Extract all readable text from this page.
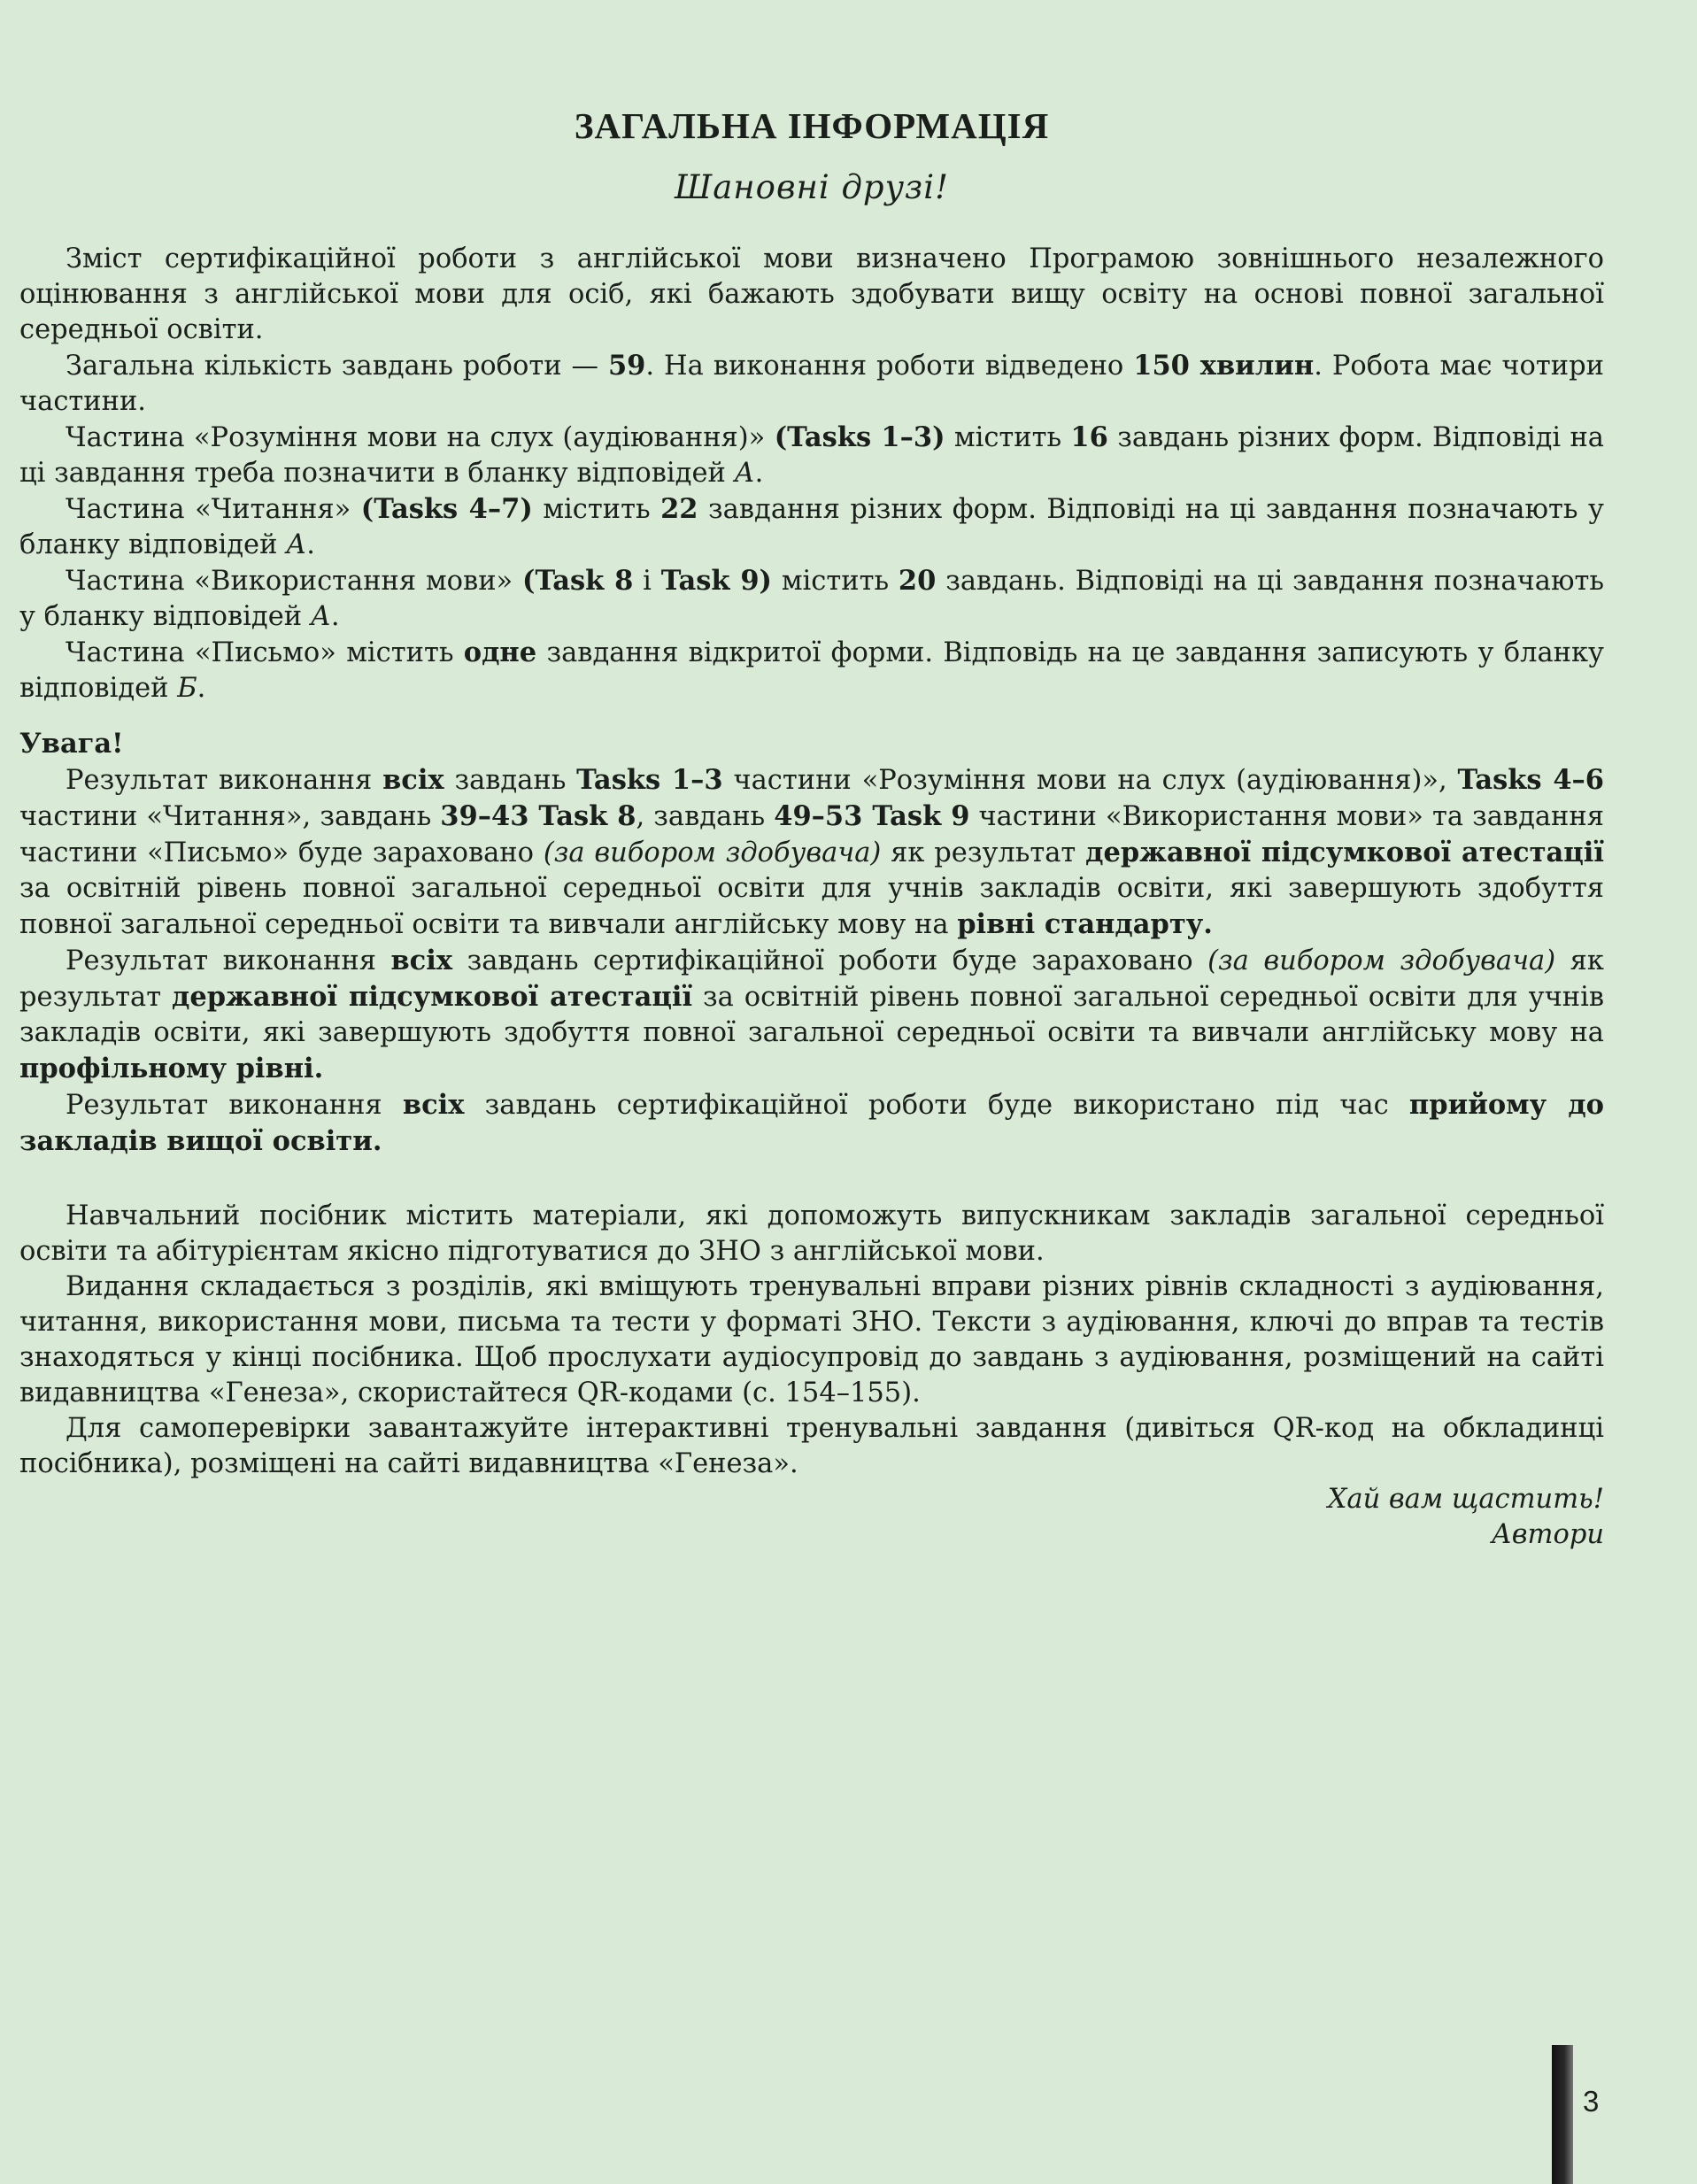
ЗАГАЛЬНА ІНФОРМАЦІЯ
Шановні друзі!

Зміст сертифікаційної роботи з англійської мови визначено Програмою зовнішнього незалежного оцінювання з англійської мови для осіб, які бажають здобувати вищу освіту на основі повної загальної середньої освіти.

Загальна кількість завдань роботи — 59. На виконання роботи відведено 150 хвилин. Робота має чотири частини.

Частина «Розуміння мови на слух (аудіювання)» (Tasks 1–3) містить 16 завдань різних форм. Відповіді на ці завдання треба позначити в бланку відповідей А.

Частина «Читання» (Tasks 4–7) містить 22 завдання різних форм. Відповіді на ці завдання позначають у бланку відповідей А.

Частина «Використання мови» (Task 8 і Task 9) містить 20 завдань. Відповіді на ці завдання позначають у бланку відповідей А.

Частина «Письмо» містить одне завдання відкритої форми. Відповідь на це завдання записують у бланку відповідей Б.

Увага!

Результат виконання всіх завдань Tasks 1–3 частини «Розуміння мови на слух (аудіювання)», Tasks 4–6 частини «Читання», завдань 39–43 Task 8, завдань 49–53 Task 9 частини «Використання мови» та завдання частини «Письмо» буде зараховано (за вибором здобувача) як результат державної підсумкової атестації за освітній рівень повної загальної середньої освіти для учнів закладів освіти, які завершують здобуття повної загальної середньої освіти та вивчали англійську мову на рівні стандарту.

Результат виконання всіх завдань сертифікаційної роботи буде зараховано (за вибором здобувача) як результат державної підсумкової атестації за освітній рівень повної загальної середньої освіти для учнів закладів освіти, які завершують здобуття повної загальної середньої освіти та вивчали англійську мову на профільному рівні.

Результат виконання всіх завдань сертифікаційної роботи буде використано під час прийому до закладів вищої освіти.

Навчальний посібник містить матеріали, які допоможуть випускникам закладів загальної середньої освіти та абітурієнтам якісно підготуватися до ЗНО з англійської мови.

Видання складається з розділів, які вміщують тренувальні вправи різних рівнів складності з аудіювання, читання, використання мови, письма та тести у форматі ЗНО. Тексти з аудіювання, ключі до вправ та тестів знаходяться у кінці посібника. Щоб прослухати аудіосупровід до завдань з аудіювання, розміщений на сайті видавництва «Генеза», скористайтеся QR-кодами (с. 154–155).

Для самоперевірки завантажуйте інтерактивні тренувальні завдання (дивіться QR-код на обкладинці посібника), розміщені на сайті видавництва «Генеза».

Хай вам щастить!
Автори
3
